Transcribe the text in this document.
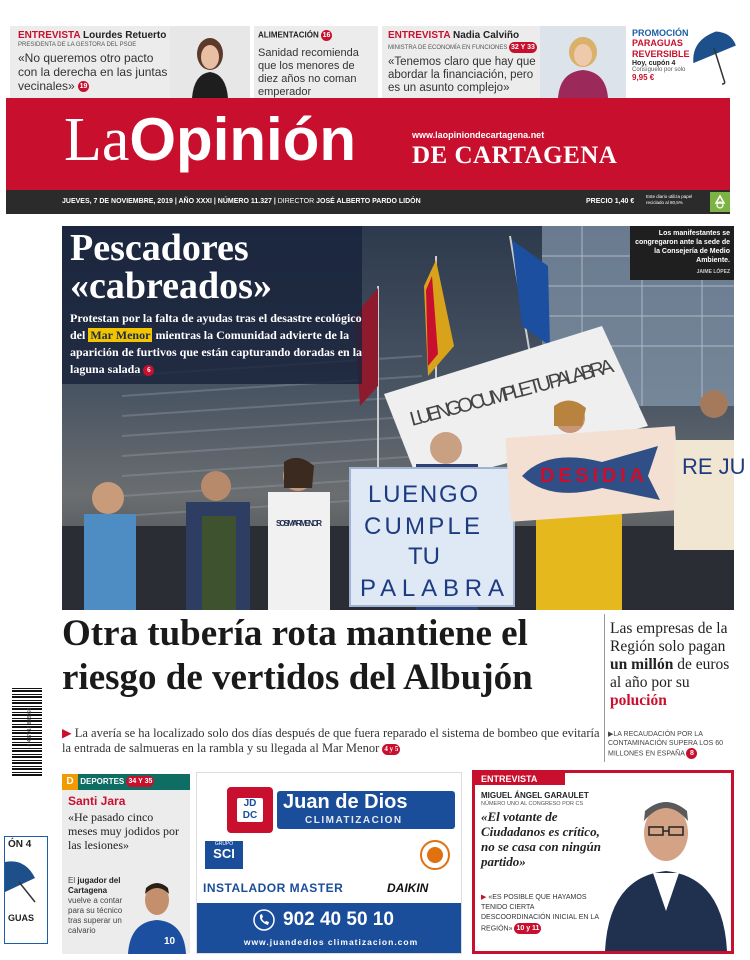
ENTREVISTA Lourdes Retuerto
PRESIDENTA DE LA GESTORA DEL PSOE
«No queremos otro pacto con la derecha en las juntas vecinales» 19
ALIMENTACIÓN 16
Sanidad recomienda que los menores de diez años no coman emperador
ENTREVISTA Nadia Calviño
MINISTRA DE ECONOMÍA EN FUNCIONES 32 Y 33
«Tenemos claro que hay que abordar la financiación, pero es un asunto complejo»
PROMOCIÓN
PARAGUAS REVERSIBLE
Hoy, cupón 4
Consíguelo por solo
9,95 €
LaOpinión	www.laopiniondecartagena.net
DE CARTAGENA
JUEVES, 7 DE NOVIEMBRE, 2019 | AÑO XXXI | NÚMERO 11.327 | DIRECTOR JOSÉ ALBERTO PARDO LIDÓN	PRECIO 1,40 €
Este diario utiliza papel reciclado al 80,5%
LUENGO CUMPLE TU PALABRA
SOS MAR MENOR
LUENGO
CUMPLE
TU
PALABRA
DESIDIA RE JU
Pescadores
«cabreados»
Protestan por la falta de ayudas tras el desastre ecológico del Mar Menor mientras la Comunidad advierte de la aparición de furtivos que están capturando doradas en la laguna salada 6
Los manifestantes se congregaron ante la sede de la Consejería de Medio Ambiente.
JAIME LÓPEZ
Otra tubería rota mantiene el riesgo de vertidos del Albujón
▶ La avería se ha localizado solo dos días después de que fuera reparado el sistema de bombeo que evitaría la entrada de salmueras en la rambla y su llegada al Mar Menor 4 y 5
Las empresas de la Región solo pagan un millón de euros al año por su polución
▶LA RECAUDACIÓN POR LA CONTAMINACIÓN SUPERA LOS 60 MILLONES EN ESPAÑA 8
8 437018 898098
ÓN 4
GUAS
D DEPORTES 34 Y 35
Santi Jara
«He pasado cinco meses muy jodidos por las lesiones»
El jugador del Cartagena vuelve a contar para su técnico tras superar un calvario
10
JD DC
Juan de Dios
CLIMATIZACION
GRUPO
SCI
INSTALADOR MASTER	DAIKIN
902 40 50 10
www.juandedios climatizacion.com
ENTREVISTA
MIGUEL ÁNGEL GARAULET
NÚMERO UNO AL CONGRESO POR CS
«El votante de Ciudadanos es crítico, no se casa con ningún partido»
▶ «ES POSIBLE QUE HAYAMOS TENIDO CIERTA DESCOORDINACIÓN INICIAL EN LA REGIÓN» 10 y 11
